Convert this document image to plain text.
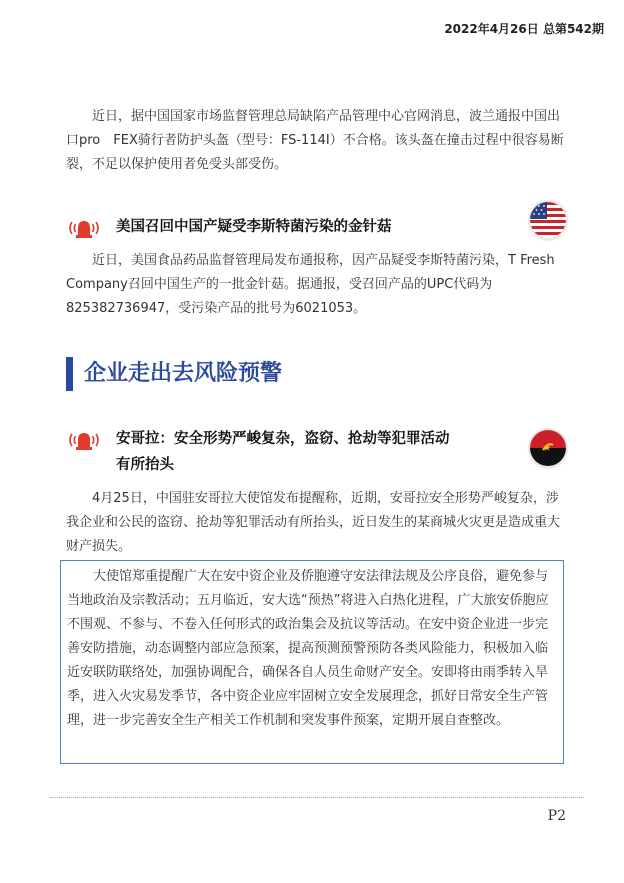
2022年4月26日 总第542期

近日，据中国国家市场监督管理总局缺陷产品管理中心官网消息，波兰通报中国出口pro　FEX骑行者防护头盔（型号：FS-114I）不合格。该头盔在撞击过程中很容易断裂，不足以保护使用者免受头部受伤。

美国召回中国产疑受李斯特菌污染的金针菇

近日，美国食品药品监督管理局发布通报称，因产品疑受李斯特菌污染，T Fresh　Company召回中国生产的一批金针菇。据通报，受召回产品的UPC代码为825382736947，受污染产品的批号为6021053。

企业走出去风险预警
安哥拉：安全形势严峻复杂，盗窃、抢劫等犯罪活动
有所抬头

4月25日，中国驻安哥拉大使馆发布提醒称，近期，安哥拉安全形势严峻复杂，涉我企业和公民的盗窃、抢劫等犯罪活动有所抬头，近日发生的某商城火灾更是造成重大财产损失。

大使馆郑重提醒广大在安中资企业及侨胞遵守安法律法规及公序良俗，避免参与当地政治及宗教活动；五月临近，安大选“预热”将进入白热化进程，广大旅安侨胞应不围观、不参与、不卷入任何形式的政治集会及抗议等活动。在安中资企业进一步完善安防措施，动态调整内部应急预案，提高预测预警预防各类风险能力，积极加入临近安联防联络处，加强协调配合，确保各自人员生命财产安全。安即将由雨季转入旱季，进入火灾易发季节，各中资企业应牢固树立安全发展理念，抓好日常安全生产管理，进一步完善安全生产相关工作机制和突发事件预案，定期开展自查整改。

P2
